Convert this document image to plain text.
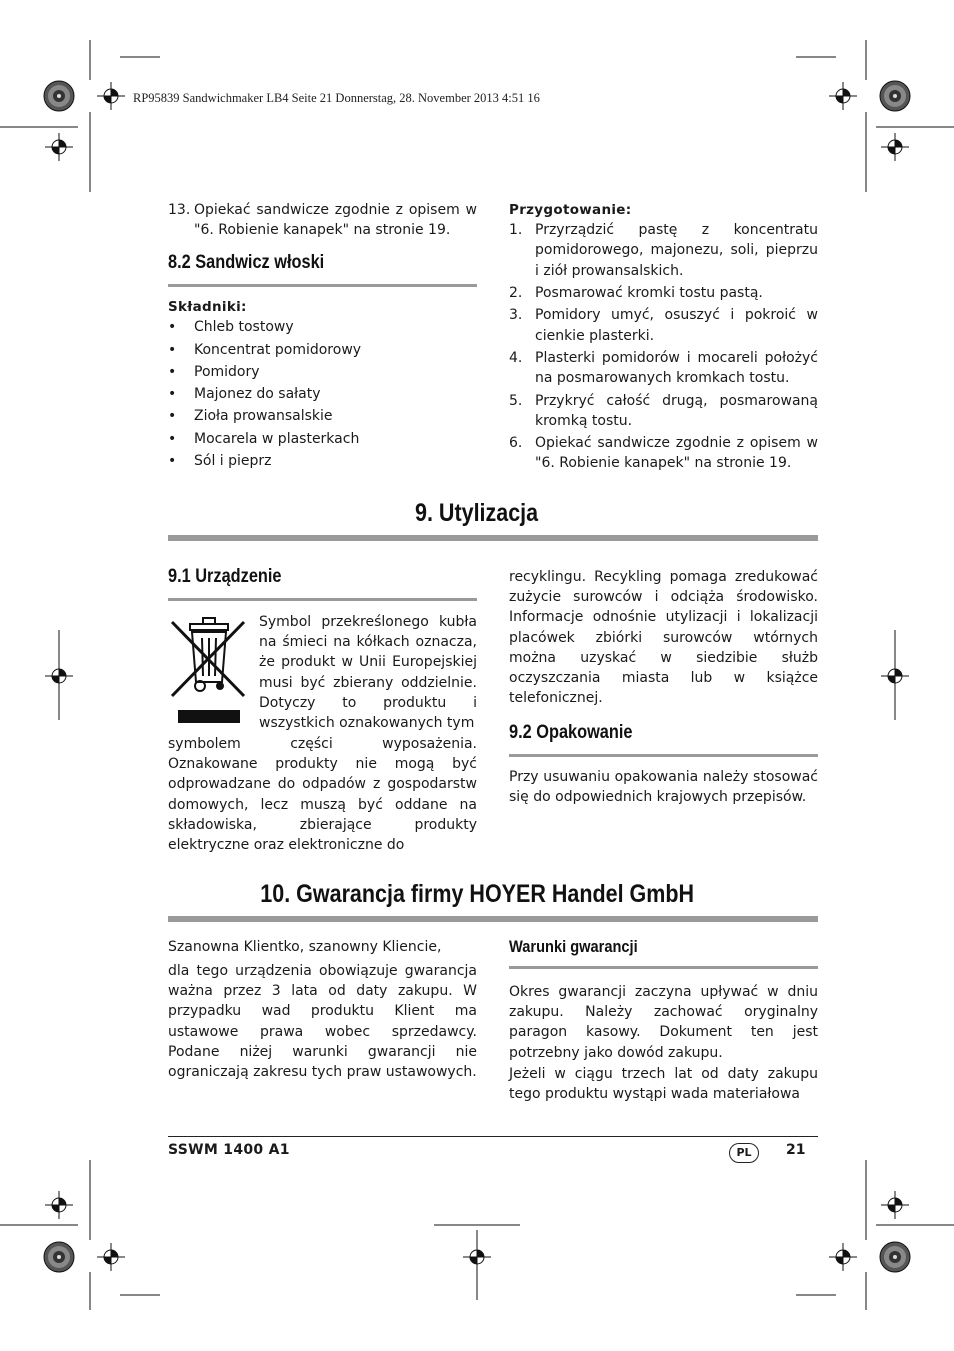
RP95839 Sandwichmaker LB4 Seite 21 Donnerstag, 28. November 2013 4:51 16
13. Opiekać sandwicze zgodnie z opisem w "6. Robienie kanapek" na stronie 19.
8.2 Sandwicz włoski
Składniki:
• Chleb tostowy
• Koncentrat pomidorowy
• Pomidory
• Majonez do sałaty
• Zioła prowansalskie
• Mocarela w plasterkach
• Sól i pieprz
Przygotowanie:
1. Przyrządzić pastę z koncentratu pomidorowego, majonezu, soli, pieprzu i ziół prowansalskich.
2. Posmarować kromki tostu pastą.
3. Pomidory umyć, osuszyć i pokroić w cienkie plasterki.
4. Plasterki pomidorów i mocareli położyć na posmarowanych kromkach tostu.
5. Przykryć całość drugą, posmarowaną kromką tostu.
6. Opiekać sandwicze zgodnie z opisem w "6. Robienie kanapek" na stronie 19.
9. Utylizacja
9.1 Urządzenie
Symbol przekreślonego kubła na śmieci na kółkach oznacza, że produkt w Unii Europejskiej musi być zbierany oddzielnie. Dotyczy to produktu i wszystkich oznakowanych tym
symbolem części wyposażenia. Oznakowane produkty nie mogą być odprowadzane do odpadów z gospodarstw domowych, lecz muszą być oddane na składowiska, zbierające produkty elektryczne oraz elektroniczne do
recyklingu. Recykling pomaga zredukować zużycie surowców i odciąża środowisko. Informacje odnośnie utylizacji i lokalizacji placówek zbiórki surowców wtórnych można uzyskać w siedzibie służb oczyszczania miasta lub w książce telefonicznej.
9.2 Opakowanie
Przy usuwaniu opakowania należy stosować się do odpowiednich krajowych przepisów.
10. Gwarancja firmy HOYER Handel GmbH
Szanowna Klientko, szanowny Kliencie,
dla tego urządzenia obowiązuje gwarancja ważna przez 3 lata od daty zakupu. W przypadku wad produktu Klient ma ustawowe prawa wobec sprzedawcy. Podane niżej warunki gwarancji nie ograniczają zakresu tych praw ustawowych.
Warunki gwarancji
Okres gwarancji zaczyna upływać w dniu zakupu. Należy zachować oryginalny paragon kasowy. Dokument ten jest potrzebny jako dowód zakupu.
Jeżeli w ciągu trzech lat od daty zakupu tego produktu wystąpi wada materiałowa
SSWM 1400 A1	PL	21
